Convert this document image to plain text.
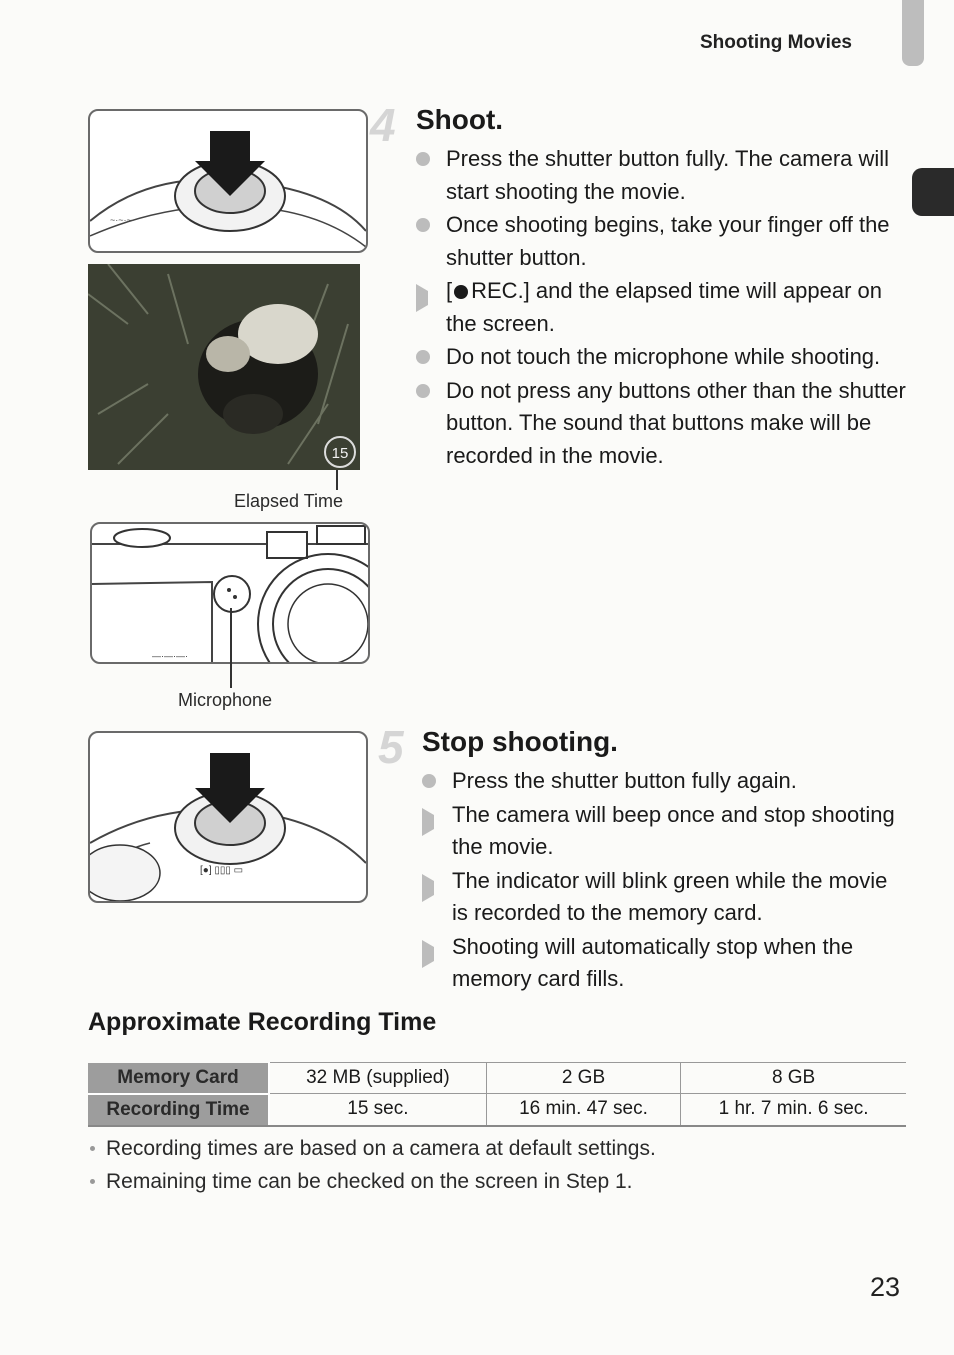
Shooting Movies
~·~·~·
15
Elapsed Time
—·—·—·
Microphone
[●] ▯▯▯ ▭
4 Shoot.
Press the shutter button fully. The camera will start shooting the movie.
Once shooting begins, take your finger off the shutter button.
[ REC.] and the elapsed time will appear on the screen.
Do not touch the microphone while shooting.
Do not press any buttons other than the shutter button. The sound that buttons make will be recorded in the movie.
5 Stop shooting.
Press the shutter button fully again.
The camera will beep once and stop shooting the movie.
The indicator will blink green while the movie is recorded to the memory card.
Shooting will automatically stop when the memory card fills.
Approximate Recording Time
Memory Card	32 MB (supplied)	2 GB	8 GB
Recording Time	15 sec.	16 min. 47 sec.	1 hr. 7 min. 6 sec.
Recording times are based on a camera at default settings.
Remaining time can be checked on the screen in Step 1.
23
